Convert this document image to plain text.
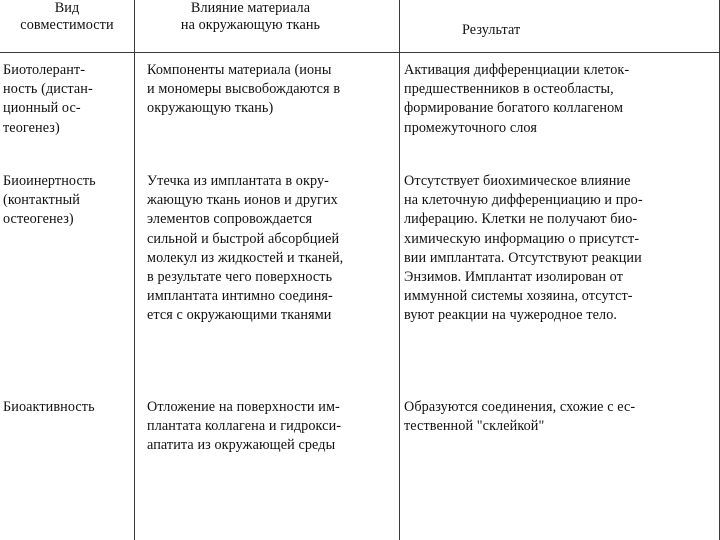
Вид
совместимости
Влияние материала
на окружающую ткань	Результат
Биотолерант-
ность (дистан-
ционный ос-
теогенез)
Компоненты материала (ионы
и мономеры высвобождаются в
окружающую ткань)
Активация дифференциации клеток-
предшественников в остеобласты,
формирование богатого коллагеном
промежуточного слоя
Биоинертность
(контактный
остеогенез)
Утечка из имплантата в окру-
жающую ткань ионов и других
элементов сопровождается
сильной и быстрой абсорбцией
молекул из жидкостей и тканей,
в результате чего поверхность
имплантата интимно соединя-
ется с окружающими тканями
Отсутствует биохимическое влияние
на клеточную дифференциацию и про-
лиферацию. Клетки не получают био-
химическую информацию о присутст-
вии имплантата. Отсутствуют реакции
Энзимов. Имплантат изолирован от
иммунной системы хозяина, отсутст-
вуют реакции на чужеродное тело.
Биоактивность	Отложение на поверхности им-
плантата коллагена и гидрокси-
апатита из окружающей среды
Образуются соединения, схожие с ес-
тественной "склейкой"
